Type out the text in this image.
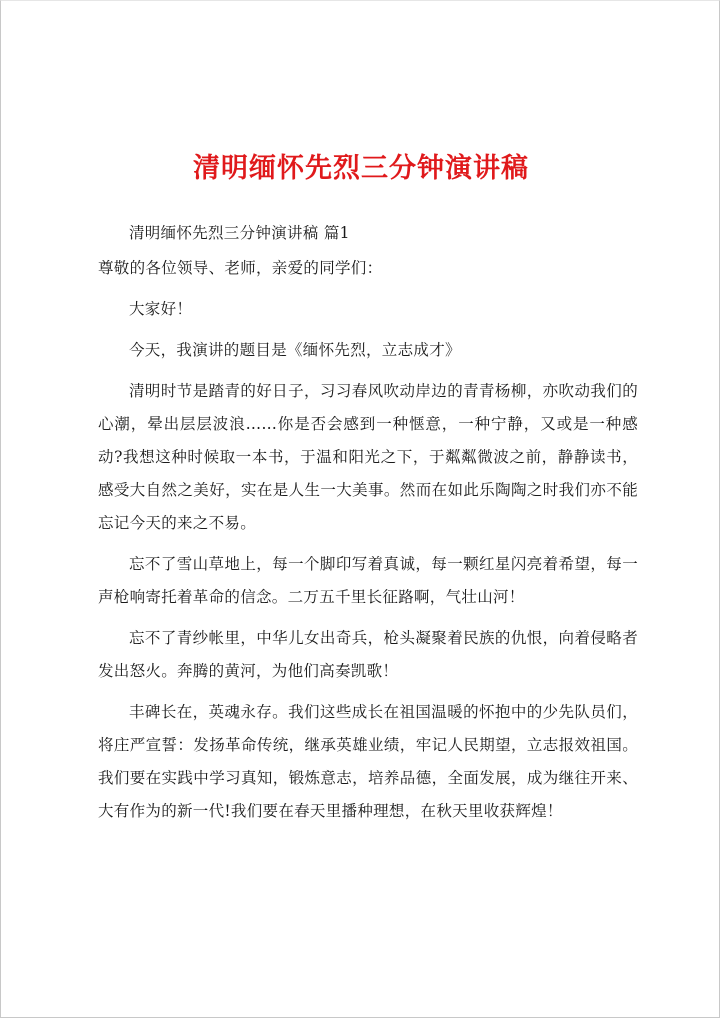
清明缅怀先烈三分钟演讲稿

清明缅怀先烈三分钟演讲稿 篇1

尊敬的各位领导、老师，亲爱的同学们：

大家好！

今天，我演讲的题目是《缅怀先烈，立志成才》

清明时节是踏青的好日子，习习春风吹动岸边的青青杨柳，亦吹动我们的心潮，晕出层层波浪……你是否会感到一种惬意，一种宁静，又或是一种感动?我想这种时候取一本书，于温和阳光之下，于粼粼微波之前，静静读书，感受大自然之美好，实在是人生一大美事。然而在如此乐陶陶之时我们亦不能忘记今天的来之不易。

忘不了雪山草地上，每一个脚印写着真诚，每一颗红星闪亮着希望，每一声枪响寄托着革命的信念。二万五千里长征路啊，气壮山河！

忘不了青纱帐里，中华儿女出奇兵，枪头凝聚着民族的仇恨，向着侵略者发出怒火。奔腾的黄河，为他们高奏凯歌！

丰碑长在，英魂永存。我们这些成长在祖国温暖的怀抱中的少先队员们，将庄严宣誓：发扬革命传统，继承英雄业绩，牢记人民期望，立志报效祖国。我们要在实践中学习真知，锻炼意志，培养品德，全面发展，成为继往开来、大有作为的新一代!我们要在春天里播种理想，在秋天里收获辉煌！
